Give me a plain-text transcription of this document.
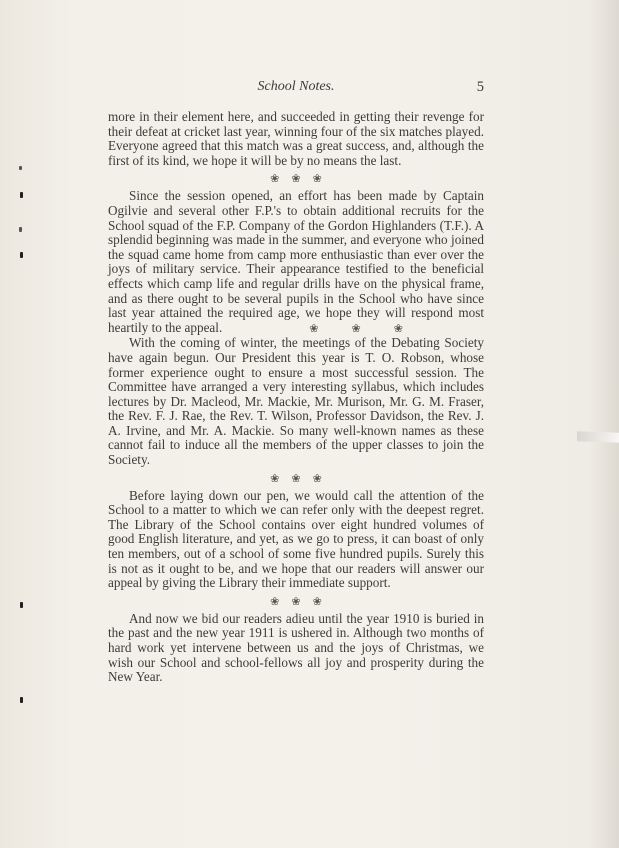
School Notes.	5

more in their element here, and succeeded in getting their revenge for their defeat at cricket last year, winning four of the six matches played. Everyone agreed that this match was a great success, and, although the first of its kind, we hope it will be by no means the last.

❀ ❀ ❀

Since the session opened, an effort has been made by Captain Ogilvie and several other F.P.'s to obtain additional recruits for the School squad of the F.P. Company of the Gordon Highlanders (T.F.). A splendid beginning was made in the summer, and everyone who joined the squad came home from camp more enthusiastic than ever over the joys of military service. Their appearance testified to the beneficial effects which camp life and regular drills have on the physical frame, and as there ought to be several pupils in the School who have since last year attained the required age, we hope they will respond most heartily to the appeal.	❀	❀	❀

With the coming of winter, the meetings of the Debating Society have again begun. Our President this year is T. O. Robson, whose former experience ought to ensure a most successful session. The Committee have arranged a very interesting syllabus, which includes lectures by Dr. Macleod, Mr. Mackie, Mr. Murison, Mr. G. M. Fraser, the Rev. F. J. Rae, the Rev. T. Wilson, Professor Davidson, the Rev. J. A. Irvine, and Mr. A. Mackie. So many well-known names as these cannot fail to induce all the members of the upper classes to join the Society.

❀ ❀ ❀

Before laying down our pen, we would call the attention of the School to a matter to which we can refer only with the deepest regret. The Library of the School contains over eight hundred volumes of good English literature, and yet, as we go to press, it can boast of only ten members, out of a school of some five hundred pupils. Surely this is not as it ought to be, and we hope that our readers will answer our appeal by giving the Library their immediate support.

❀ ❀ ❀

And now we bid our readers adieu until the year 1910 is buried in the past and the new year 1911 is ushered in. Although two months of hard work yet intervene between us and the joys of Christmas, we wish our School and school-fellows all joy and prosperity during the New Year.
